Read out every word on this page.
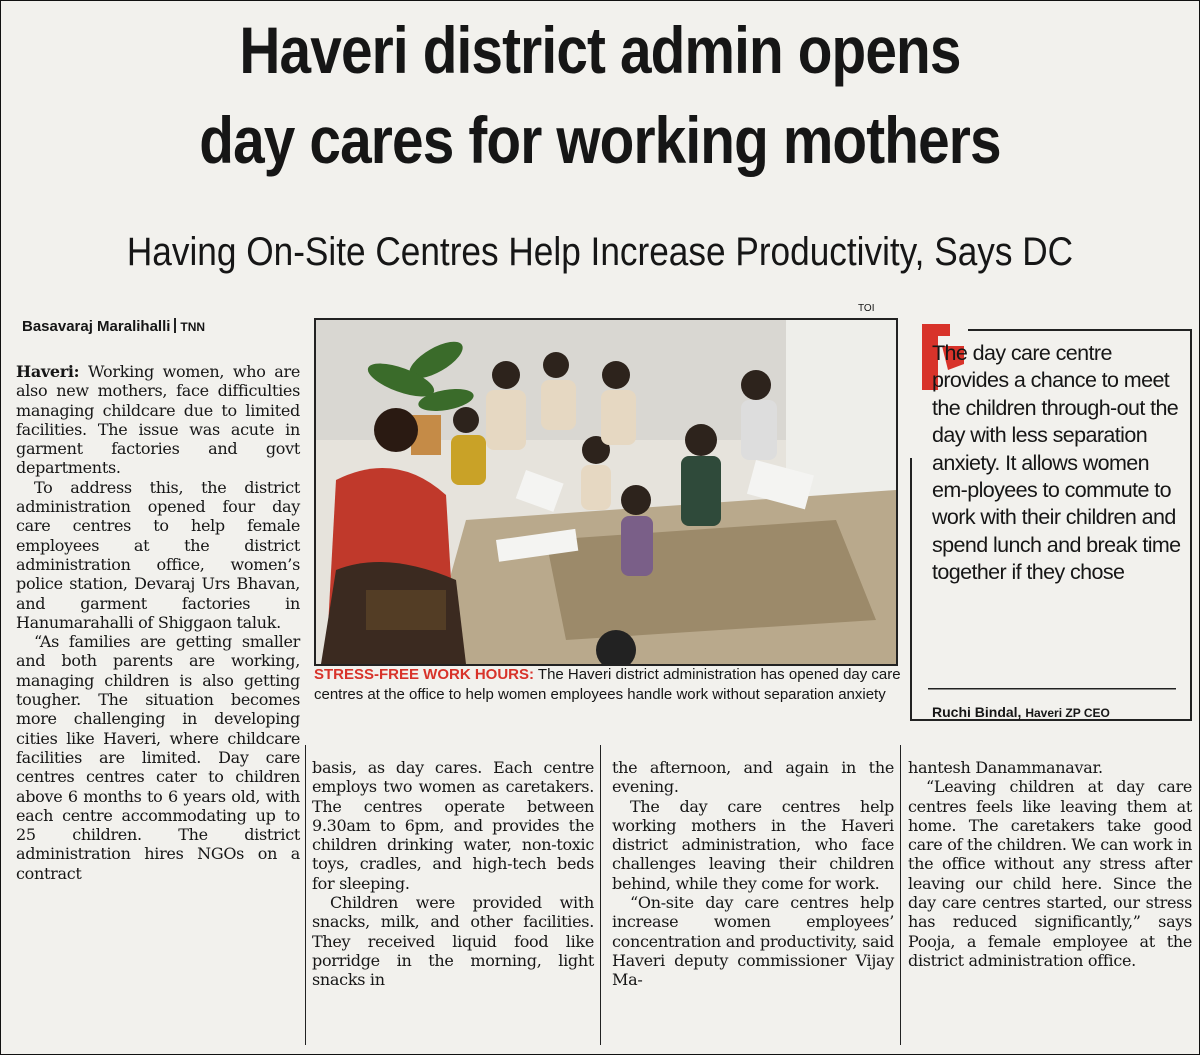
Haveri district admin opens
day cares for working mothers
Having On-Site Centres Help Increase Productivity, Says DC
Basavaraj Maralihalli TNN

Haveri: Working women, who are also new mothers, face difficulties managing childcare due to limited facilities. The issue was acute in garment factories and govt departments.

To address this, the district administration opened four day care centres to help female employees at the district administration office, women’s police station, Devaraj Urs Bhavan, and garment factories in Hanumarahalli of Shiggaon taluk.

“As families are getting smaller and both parents are working, managing children is also getting tougher. The situation becomes more challenging in developing cities like Haveri, where childcare facilities are limited. Day care centres centres cater to children above 6 months to 6 years old, with each centre accommodating up to 25 children. The district administration hires NGOs on a contract

TOI
STRESS-FREE WORK HOURS: The Haveri district administration has opened day care centres at the office to help women employees handle work without separation anxiety
The day care centre provides a chance to meet the children through-out the day with less separation anxiety. It allows women em-ployees to commute to work with their children and spend lunch and break time together if they chose
Ruchi Bindal, Haveri ZP CEO

basis, as day cares. Each centre employs two women as caretakers. The centres operate between 9.30am to 6pm, and provides the children drinking water, non-toxic toys, cradles, and high-tech beds for sleeping.

Children were provided with snacks, milk, and other facilities. They received liquid food like porridge in the morning, light snacks in

the afternoon, and again in the evening.

The day care centres help working mothers in the Haveri district administration, who face challenges leaving their children behind, while they come for work.

“On-site day care centres help increase women employees’ concentration and productivity, said Haveri deputy commissioner Vijay Ma-

hantesh Danammanavar.

“Leaving children at day care centres feels like leaving them at home. The caretakers take good care of the children. We can work in the office without any stress after leaving our child here. Since the day care centres started, our stress has reduced significantly,” says Pooja, a female employee at the district administration office.
